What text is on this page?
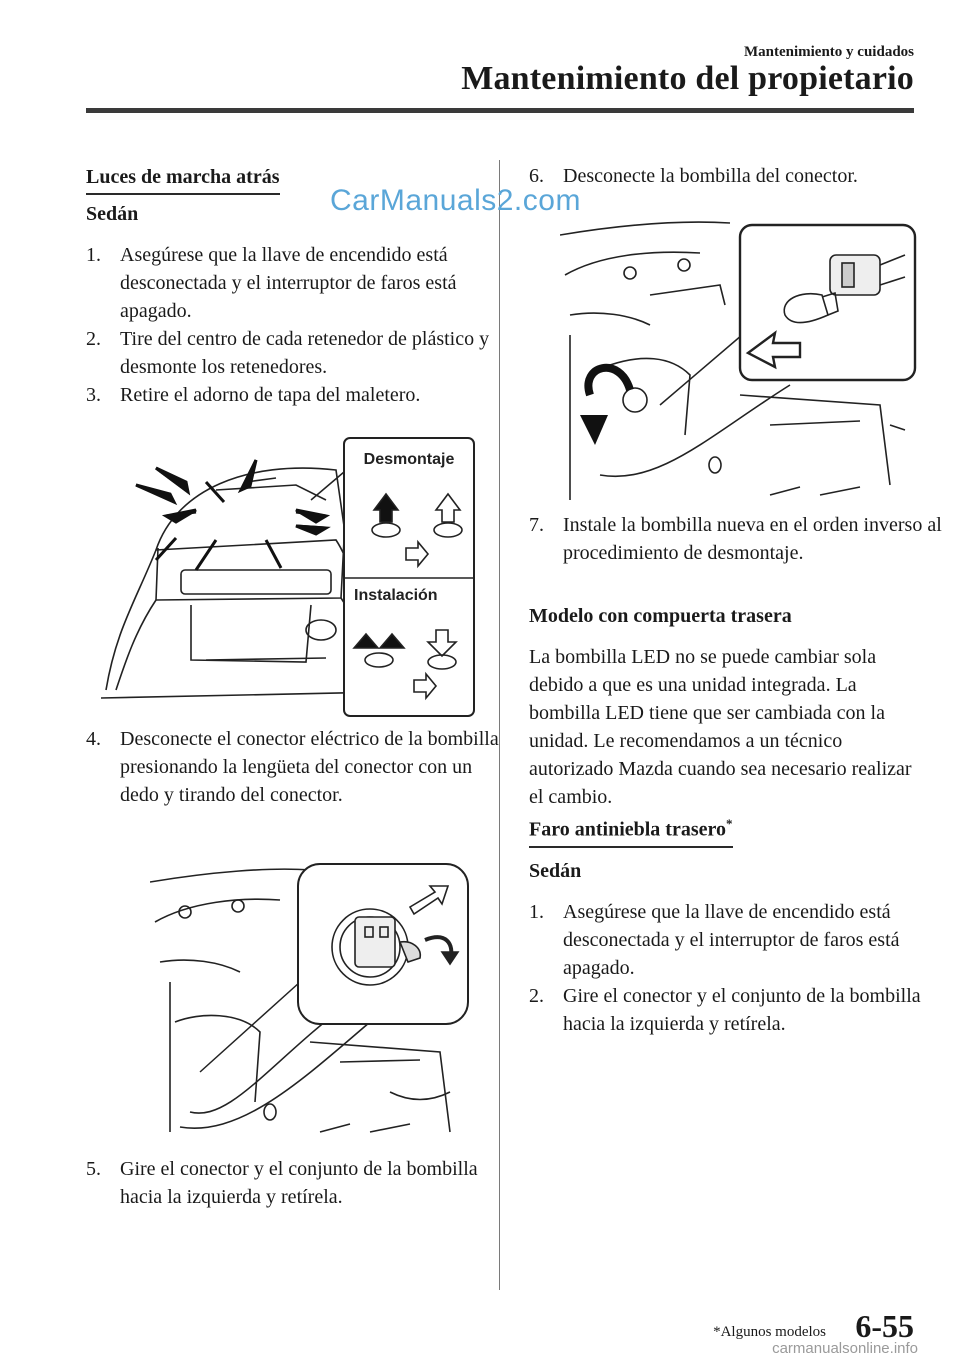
Mantenimiento y cuidados
Mantenimiento del propietario
CarManuals2.com
Luces de marcha atrás
Sedán
1. Asegúrese que la llave de encendido está desconectada y el interruptor de faros está apagado.
2. Tire del centro de cada retenedor de plástico y desmonte los retenedores.
3. Retire el adorno de tapa del maletero.
Desmontaje
Instalación
4. Desconecte el conector eléctrico de la bombilla presionando la lengüeta del conector con un dedo y tirando del conector.
5. Gire el conector y el conjunto de la bombilla hacia la izquierda y retírela.
6. Desconecte la bombilla del conector.
7. Instale la bombilla nueva en el orden inverso al procedimiento de desmontaje.
Modelo con compuerta trasera
La bombilla LED no se puede cambiar sola debido a que es una unidad integrada. La bombilla LED tiene que ser cambiada con la unidad. Le recomendamos a un técnico autorizado Mazda cuando sea necesario realizar el cambio.
Faro antiniebla trasero*
Sedán
1. Asegúrese que la llave de encendido está desconectada y el interruptor de faros está apagado.
2. Gire el conector y el conjunto de la bombilla hacia la izquierda y retírela.
*Algunos modelos 6-55
carmanualsonline.info
